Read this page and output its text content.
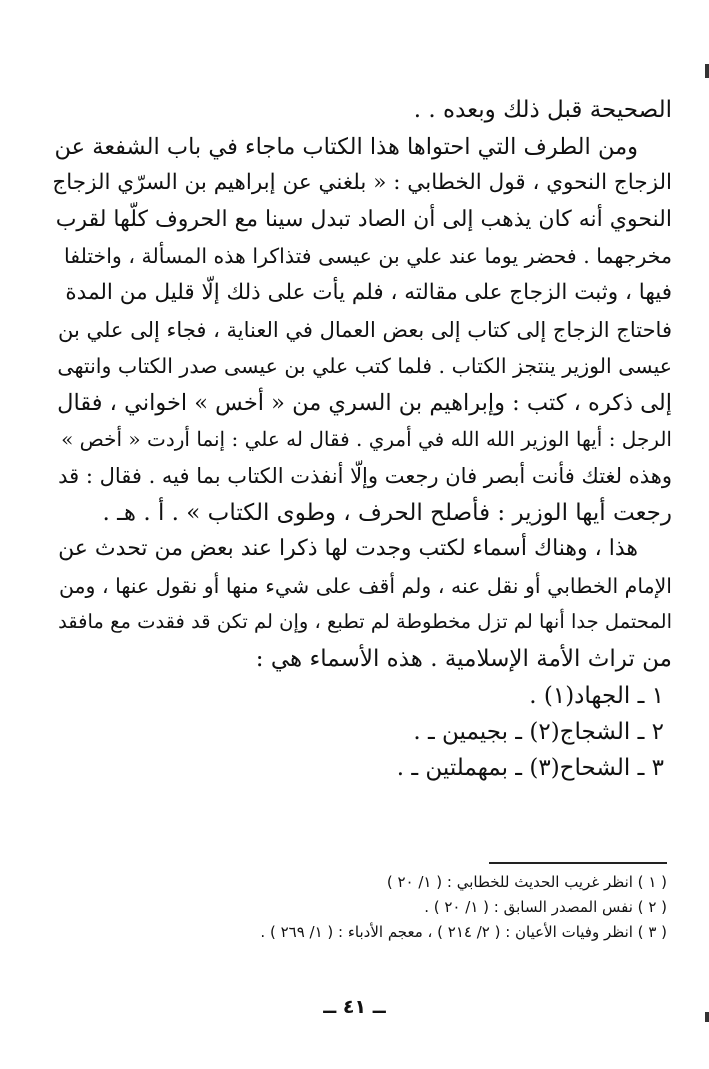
الصحيحة قبل ذلك وبعده . .
ومن الطرف التي احتواها هذا الكتاب ماجاء في باب الشفعة عن
الزجاج النحوي ، قول الخطابي : « بلغني عن إبراهيم بن السرّي الزجاج
النحوي أنه كان يذهب إلى أن الصاد تبدل سينا مع الحروف كلّها لقرب
مخرجهما . فحضر يوما عند علي بن عيسى فتذاكرا هذه المسألة ، واختلفا
فيها ، وثبت الزجاج على مقالته ، فلم يأت على ذلك إلّا قليل من المدة
فاحتاج الزجاج إلى كتاب إلى بعض العمال في العناية ، فجاء إلى علي بن
عيسى الوزير ينتجز الكتاب . فلما كتب علي بن عيسى صدر الكتاب وانتهى
إلى ذكره ، كتب : وإبراهيم بن السري من « أخس » اخواني ، فقال
الرجل : أيها الوزير الله الله في أمري . فقال له علي : إنما أردت « أخص »
وهذه لغتك فأنت أبصر فان رجعت وإلّا أنفذت الكتاب بما فيه . فقال : قد
رجعت أيها الوزير : فأصلح الحرف ، وطوى الكتاب » . أ . هـ .
هذا ، وهناك أسماء لكتب وجدت لها ذكرا عند بعض من تحدث عن
الإمام الخطابي أو نقل عنه ، ولم أقف على شيء منها أو نقول عنها ، ومن
المحتمل جدا أنها لم تزل مخطوطة لم تطبع ، وإن لم تكن قد فقدت مع مافقد
من تراث الأمة الإسلامية . هذه الأسماء هي :
١ ـ الجهاد(١) .
٢ ـ الشجاج(٢) ـ بجيمين ـ .
٣ ـ الشحاح(٣) ـ بمهملتين ـ .
( ١ ) انظر غريب الحديث للخطابي : ( ١/ ٢٠ )
( ٢ ) نفس المصدر السابق : ( ١/ ٢٠ ) .
( ٣ ) انظر وفيات الأعيان : ( ٢/ ٢١٤ ) ، معجم الأدباء : ( ١/ ٢٦٩ ) .
ــ ٤١ ــ
